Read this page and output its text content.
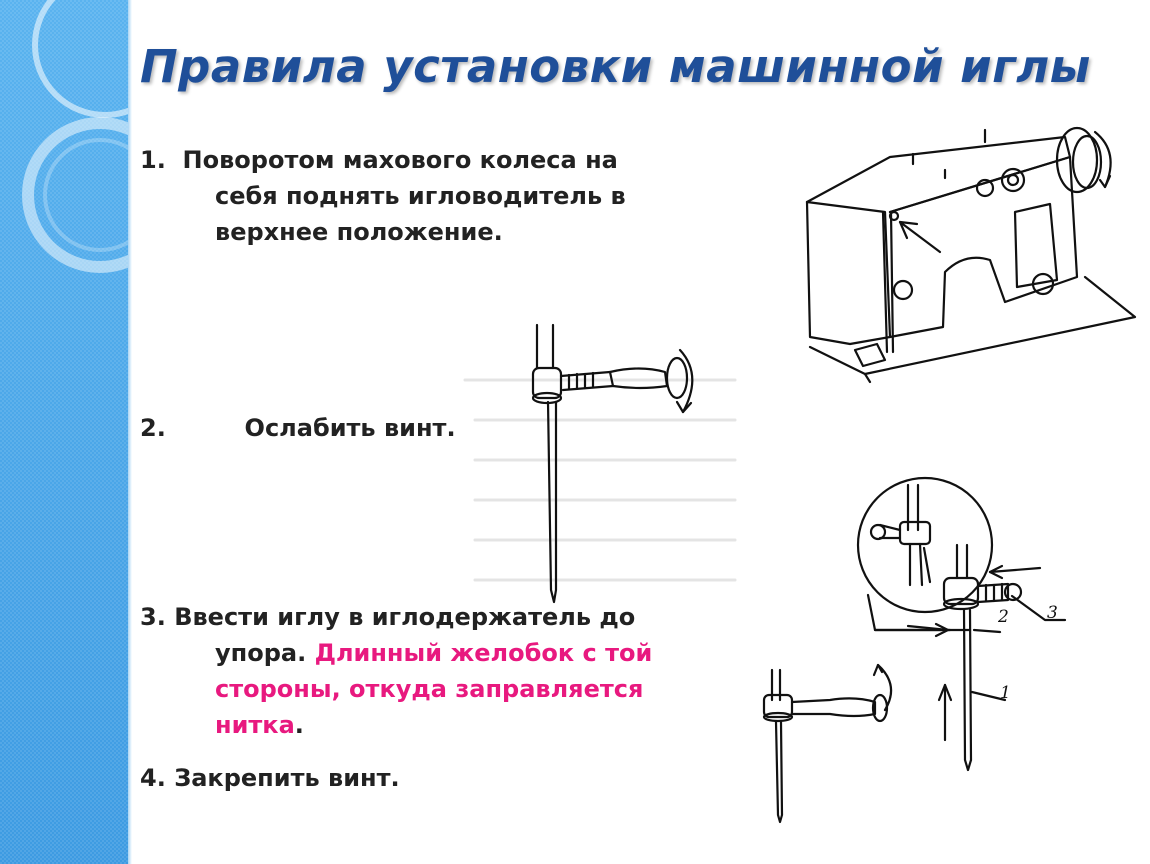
Правила установки машинной иглы
1. Поворотом махового колеса на
себя поднять игловодитель в
верхнее положение.
2.	Ослабить винт.
3. Ввести иглу в иглодержатель до
упора. Длинный желобок с той
стороны, откуда заправляется
нитка.
4. Закрепить винт.
2 3
1
